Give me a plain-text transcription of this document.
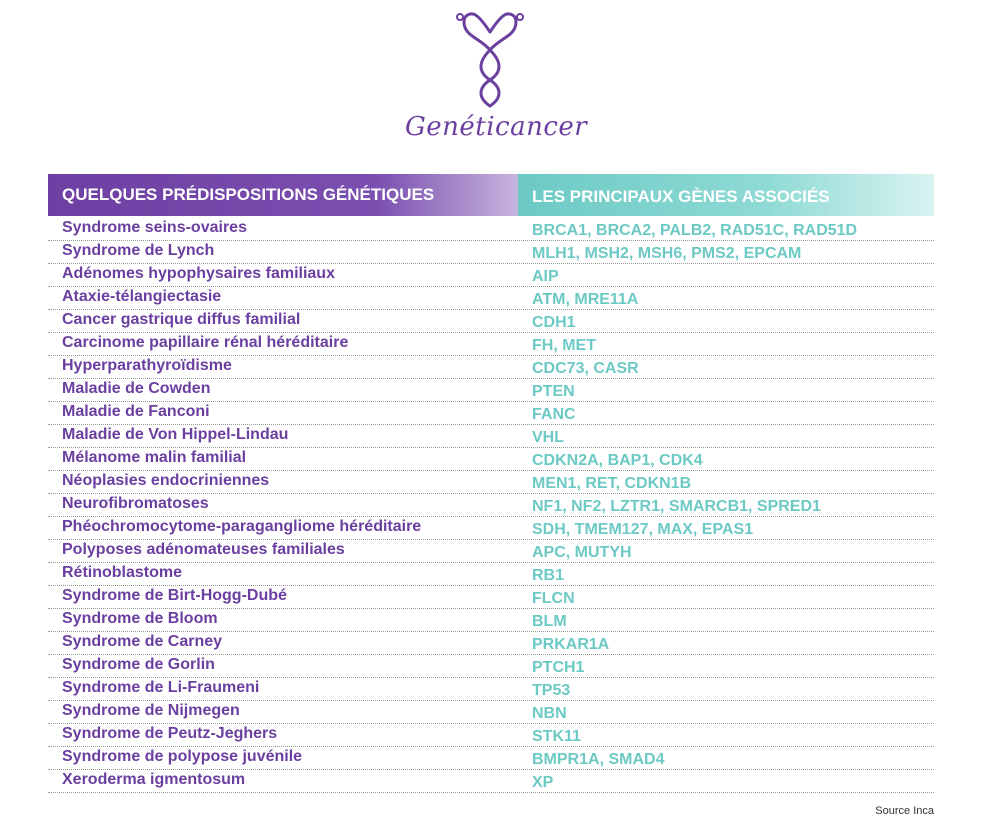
Genéticancer
QUELQUES PRÉDISPOSITIONS GÉNÉTIQUES	LES PRINCIPAUX GÈNES ASSOCIÉS
Syndrome seins-ovaires	BRCA1, BRCA2, PALB2, RAD51C, RAD51D
Syndrome de Lynch	MLH1, MSH2, MSH6, PMS2, EPCAM
Adénomes hypophysaires familiaux	AIP
Ataxie-télangiectasie	ATM, MRE11A
Cancer gastrique diffus familial	CDH1
Carcinome papillaire rénal héréditaire	FH, MET
Hyperparathyroïdisme	CDC73, CASR
Maladie de Cowden	PTEN
Maladie de Fanconi	FANC
Maladie de Von Hippel-Lindau	VHL
Mélanome malin familial	CDKN2A, BAP1, CDK4
Néoplasies endocriniennes	MEN1, RET, CDKN1B
Neurofibromatoses	NF1, NF2, LZTR1, SMARCB1, SPRED1
Phéochromocytome-paragangliome héréditaire	SDH, TMEM127, MAX, EPAS1
Polyposes adénomateuses familiales	APC, MUTYH
Rétinoblastome	RB1
Syndrome de Birt-Hogg-Dubé	FLCN
Syndrome de Bloom	BLM
Syndrome de Carney	PRKAR1A
Syndrome de Gorlin	PTCH1
Syndrome de Li-Fraumeni	TP53
Syndrome de Nijmegen	NBN
Syndrome de Peutz-Jeghers	STK11
Syndrome de polypose juvénile	BMPR1A, SMAD4
Xeroderma igmentosum	XP
Source Inca
